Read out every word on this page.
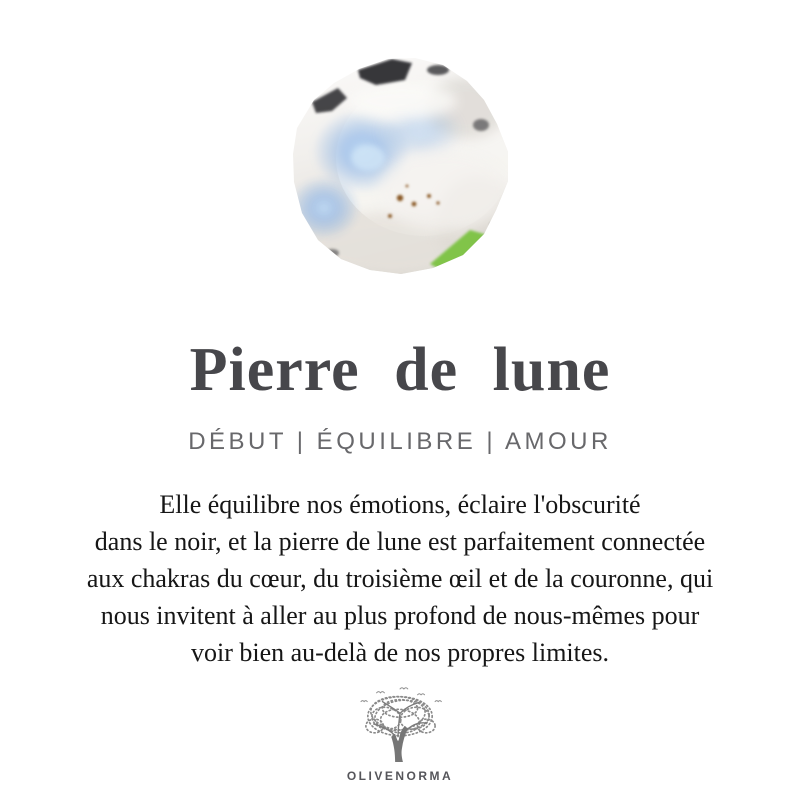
Pierre de lune
DÉBUT | ÉQUILIBRE | AMOUR
Elle équilibre nos émotions, éclaire l'obscurité
dans le noir, et la pierre de lune est parfaitement connectée
aux chakras du cœur, du troisième œil et de la couronne, qui
nous invitent à aller au plus profond de nous-mêmes pour
voir bien au-delà de nos propres limites.
OLIVENORMA
